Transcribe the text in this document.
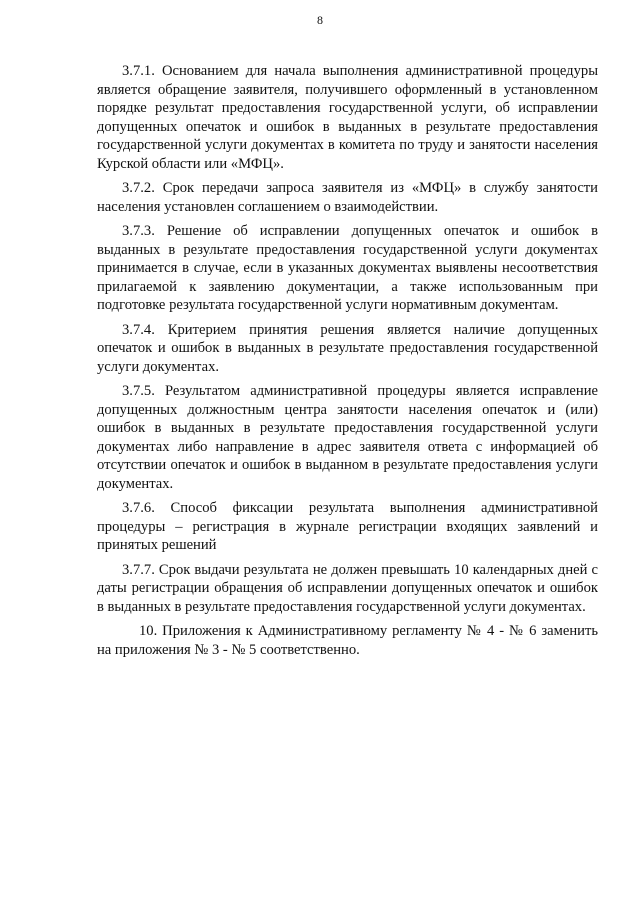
8

3.7.1. Основанием для начала выполнения административной процедуры является обращение заявителя, получившего оформленный в установленном порядке результат предоставления государственной услуги, об исправлении допущенных опечаток и ошибок в выданных в результате предоставления государственной услуги документах в комитета по труду и занятости населения Курской области или «МФЦ».

3.7.2. Срок передачи запроса заявителя из «МФЦ» в службу занятости населения установлен соглашением о взаимодействии.

3.7.3. Решение об исправлении допущенных опечаток и ошибок в выданных в результате предоставления государственной услуги документах принимается в случае, если в указанных документах выявлены несоответствия прилагаемой к заявлению документации, а также использованным при подготовке результата государственной услуги нормативным документам.

3.7.4. Критерием принятия решения является наличие допущенных опечаток и ошибок в выданных в результате предоставления государственной услуги документах.

3.7.5. Результатом административной процедуры является исправление допущенных должностным центра занятости населения опечаток и (или) ошибок в выданных в результате предоставления государственной услуги документах либо направление в адрес заявителя ответа с информацией об отсутствии опечаток и ошибок в выданном в результате предоставления услуги документах.

3.7.6. Способ фиксации результата выполнения административной процедуры – регистрация в журнале регистрации входящих заявлений и принятых решений

3.7.7. Срок выдачи результата не должен превышать 10 календарных дней с даты регистрации обращения об исправлении допущенных опечаток и ошибок в выданных в результате предоставления государственной услуги документах.

10. Приложения к Административному регламенту № 4 - № 6 заменить на приложения № 3 - № 5 соответственно.
